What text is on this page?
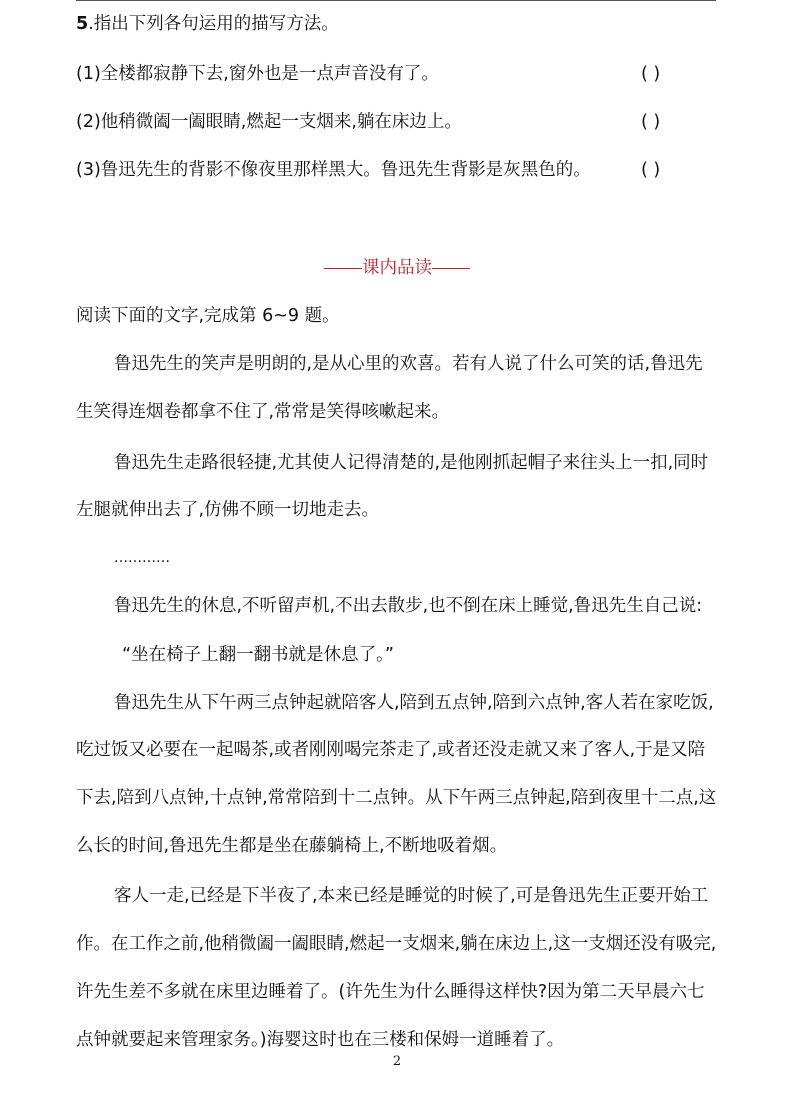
5.指出下列各句运用的描写方法。
(1)全楼都寂静下去,窗外也是一点声音没有了。	( )
(2)他稍微阖一阖眼睛,燃起一支烟来,躺在床边上。	( )
(3)鲁迅先生的背影不像夜里那样黑大。鲁迅先生背影是灰黑色的。	( )
课内品读
阅读下面的文字,完成第 6~9 题。
鲁迅先生的笑声是明朗的,是从心里的欢喜。若有人说了什么可笑的话,鲁迅先
生笑得连烟卷都拿不住了,常常是笑得咳嗽起来。
鲁迅先生走路很轻捷,尤其使人记得清楚的,是他刚抓起帽子来往头上一扣,同时
左腿就伸出去了,仿佛不顾一切地走去。
…………
鲁迅先生的休息,不听留声机,不出去散步,也不倒在床上睡觉,鲁迅先生自己说:
“坐在椅子上翻一翻书就是休息了。”
鲁迅先生从下午两三点钟起就陪客人,陪到五点钟,陪到六点钟,客人若在家吃饭,
吃过饭又必要在一起喝茶,或者刚刚喝完茶走了,或者还没走就又来了客人,于是又陪
下去,陪到八点钟,十点钟,常常陪到十二点钟。从下午两三点钟起,陪到夜里十二点,这
么长的时间,鲁迅先生都是坐在藤躺椅上,不断地吸着烟。
客人一走,已经是下半夜了,本来已经是睡觉的时候了,可是鲁迅先生正要开始工
作。在工作之前,他稍微阖一阖眼睛,燃起一支烟来,躺在床边上,这一支烟还没有吸完,
许先生差不多就在床里边睡着了。(许先生为什么睡得这样快?因为第二天早晨六七
点钟就要起来管理家务。)海婴这时也在三楼和保姆一道睡着了。
2
